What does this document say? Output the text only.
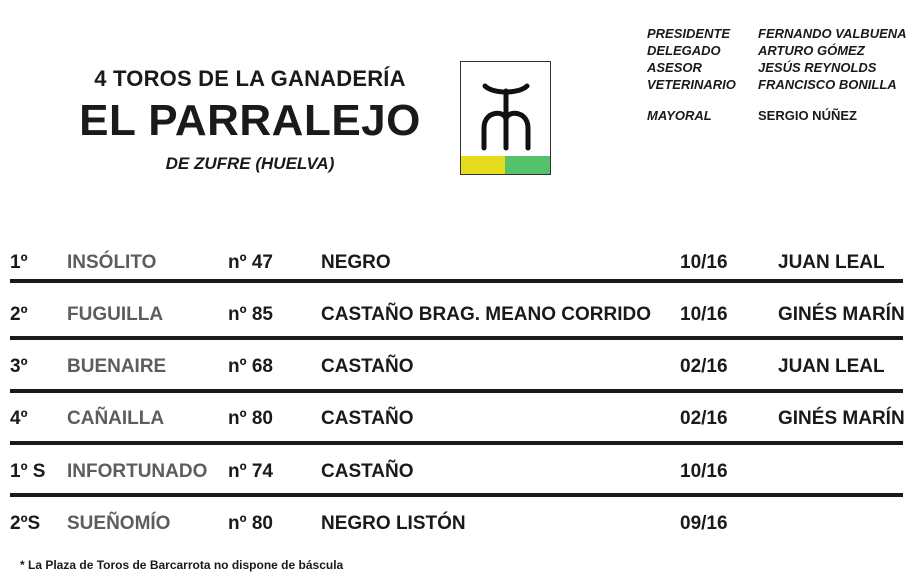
4 TOROS DE LA GANADERÍA
EL PARRALEJO
DE ZUFRE (HUELVA)
PRESIDENTE	FERNANDO VALBUENA
DELEGADO	ARTURO GÓMEZ
ASESOR	JESÚS REYNOLDS
VETERINARIO	FRANCISCO BONILLA
MAYORAL	SERGIO NÚÑEZ
1º INSÓLITO	nº 47	NEGRO	10/16	JUAN LEAL
2º FUGUILLA	nº 85	CASTAÑO BRAG. MEANO CORRIDO 10/16	GINÉS MARÍN
3º BUENAIRE	nº 68	CASTAÑO	02/16	JUAN LEAL
4º CAÑAILLA	nº 80	CASTAÑO	02/16	GINÉS MARÍN
1º S INFORTUNADO nº 74	CASTAÑO	10/16
2ºS SUEÑOMÍO	nº 80	NEGRO LISTÓN	09/16
* La Plaza de Toros de Barcarrota no dispone de báscula
